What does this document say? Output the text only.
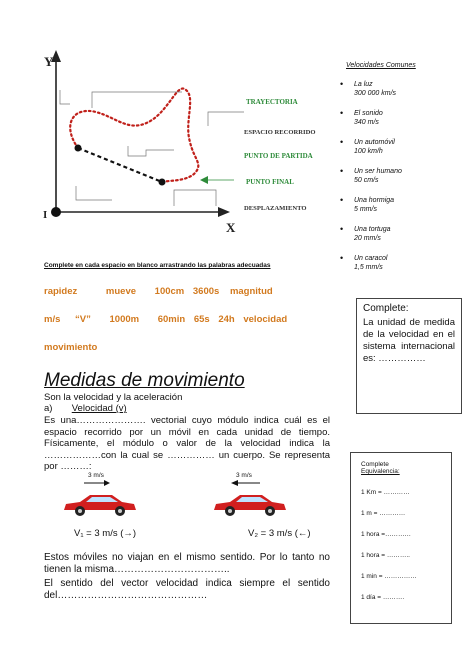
Y
X
I
TRAYECTORIA
ESPACIO RECORRIDO
PUNTO DE PARTIDA
PUNTO FINAL
DESPLAZAMIENTO
Velocidades Comunes
• La luz
300 000 km/s
• El sonido
340 m/s
• Un automóvil
100 km/h
• Un ser humano
50 cm/s
• Una hormiga
5 mm/s
• Una tortuga
20 mm/s
• Un caracol
1,5 mm/s
Complete en cada espacio en blanco arrastrando las palabras adecuadas
rapidez	mueve 100cm 3600s magnitud
m/s “V” 1000m 60min 65s 24h velocidad
movimiento
Complete:
La unidad de medida de la velocidad en el sistema internacional es: ……………
Medidas de movimiento
Son la velocidad y la aceleración
a) Velocidad (v)
Es una…………………. vectorial cuyo módulo indica cuál es el espacio recorrido por un móvil en cada unidad de tiempo. Físicamente, el módulo o valor de la velocidad indica la ………………con la cual se …………… un cuerpo. Se representa por ………:
3 m/s	3 m/s
V₁ = 3 m/s (→)	V₂ = 3 m/s (←)
Estos móviles no viajan en el mismo sentido. Por lo tanto no tienen la misma……………………………..
El sentido del vector velocidad indica siempre el sentido del………………………………………
Complete
Equivalencia:
1 Km = …………
1 m = …………
1 hora =…………
1 hora = ………..
1 min = ……………
1 día = ……….
